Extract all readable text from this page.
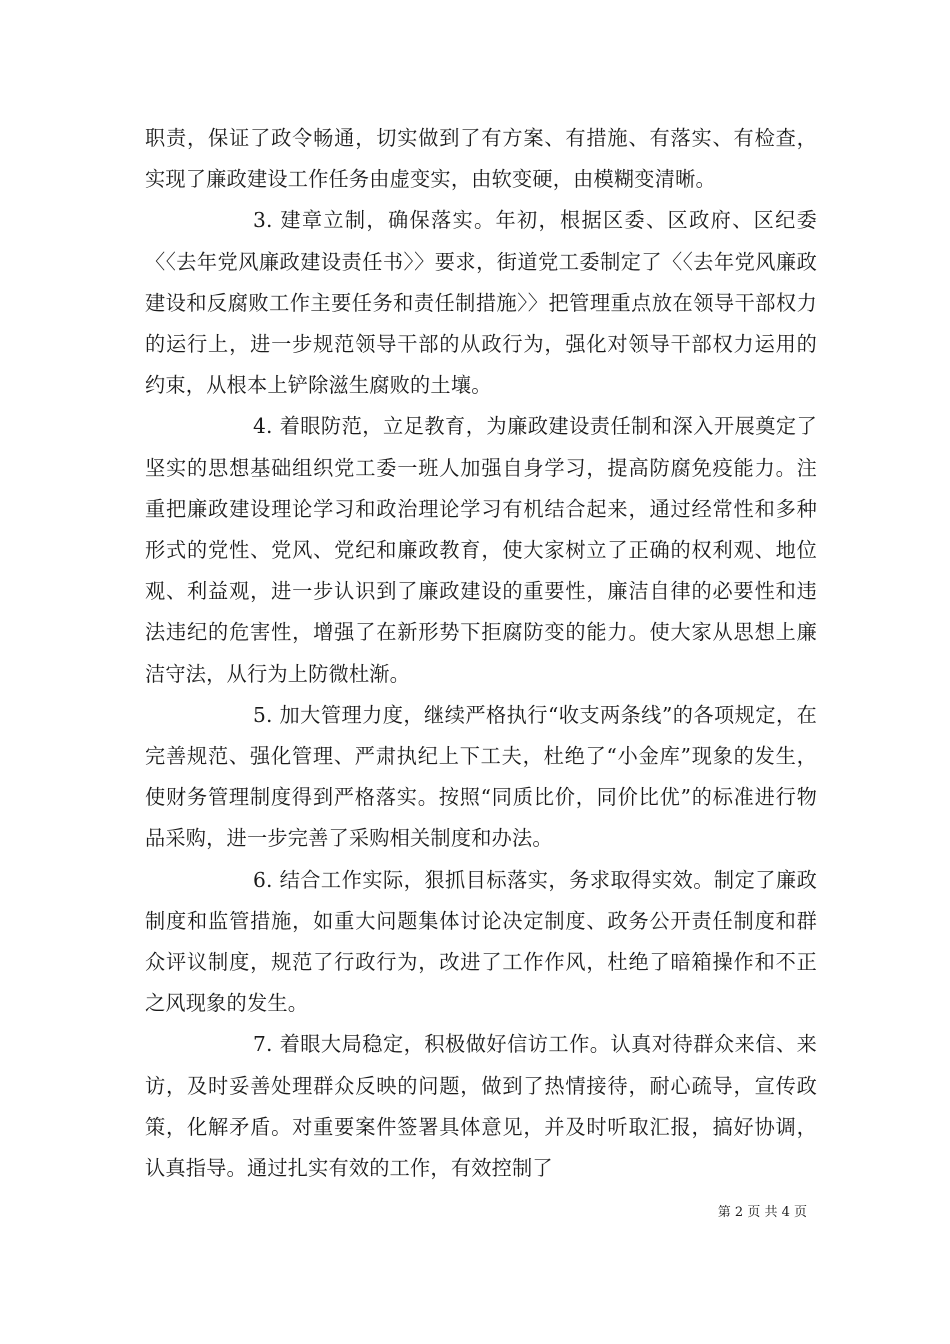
职责，保证了政令畅通，切实做到了有方案、有措施、有落实、有检查，实现了廉政建设工作任务由虚变实，由软变硬，由模糊变清晰。

3. 建章立制，确保落实。年初，根据区委、区政府、区纪委〈〈去年党风廉政建设责任书〉〉要求，街道党工委制定了〈〈去年党风廉政建设和反腐败工作主要任务和责任制措施〉〉把管理重点放在领导干部权力的运行上，进一步规范领导干部的从政行为，强化对领导干部权力运用的约束，从根本上铲除滋生腐败的土壤。

4. 着眼防范，立足教育，为廉政建设责任制和深入开展奠定了坚实的思想基础组织党工委一班人加强自身学习，提高防腐免疫能力。注重把廉政建设理论学习和政治理论学习有机结合起来，通过经常性和多种形式的党性、党风、党纪和廉政教育，使大家树立了正确的权利观、地位观、利益观，进一步认识到了廉政建设的重要性，廉洁自律的必要性和违法违纪的危害性，增强了在新形势下拒腐防变的能力。使大家从思想上廉洁守法，从行为上防微杜渐。

5. 加大管理力度，继续严格执行“收支两条线”的各项规定，在完善规范、强化管理、严肃执纪上下工夫，杜绝了“小金库”现象的发生，使财务管理制度得到严格落实。按照“同质比价，同价比优”的标准进行物品采购，进一步完善了采购相关制度和办法。

6. 结合工作实际，狠抓目标落实，务求取得实效。制定了廉政制度和监管措施，如重大问题集体讨论决定制度、政务公开责任制度和群众评议制度，规范了行政行为，改进了工作作风，杜绝了暗箱操作和不正之风现象的发生。

7. 着眼大局稳定，积极做好信访工作。认真对待群众来信、来访，及时妥善处理群众反映的问题，做到了热情接待，耐心疏导，宣传政策，化解矛盾。对重要案件签署具体意见，并及时听取汇报，搞好协调，认真指导。通过扎实有效的工作，有效控制了

第 2 页 共 4 页
